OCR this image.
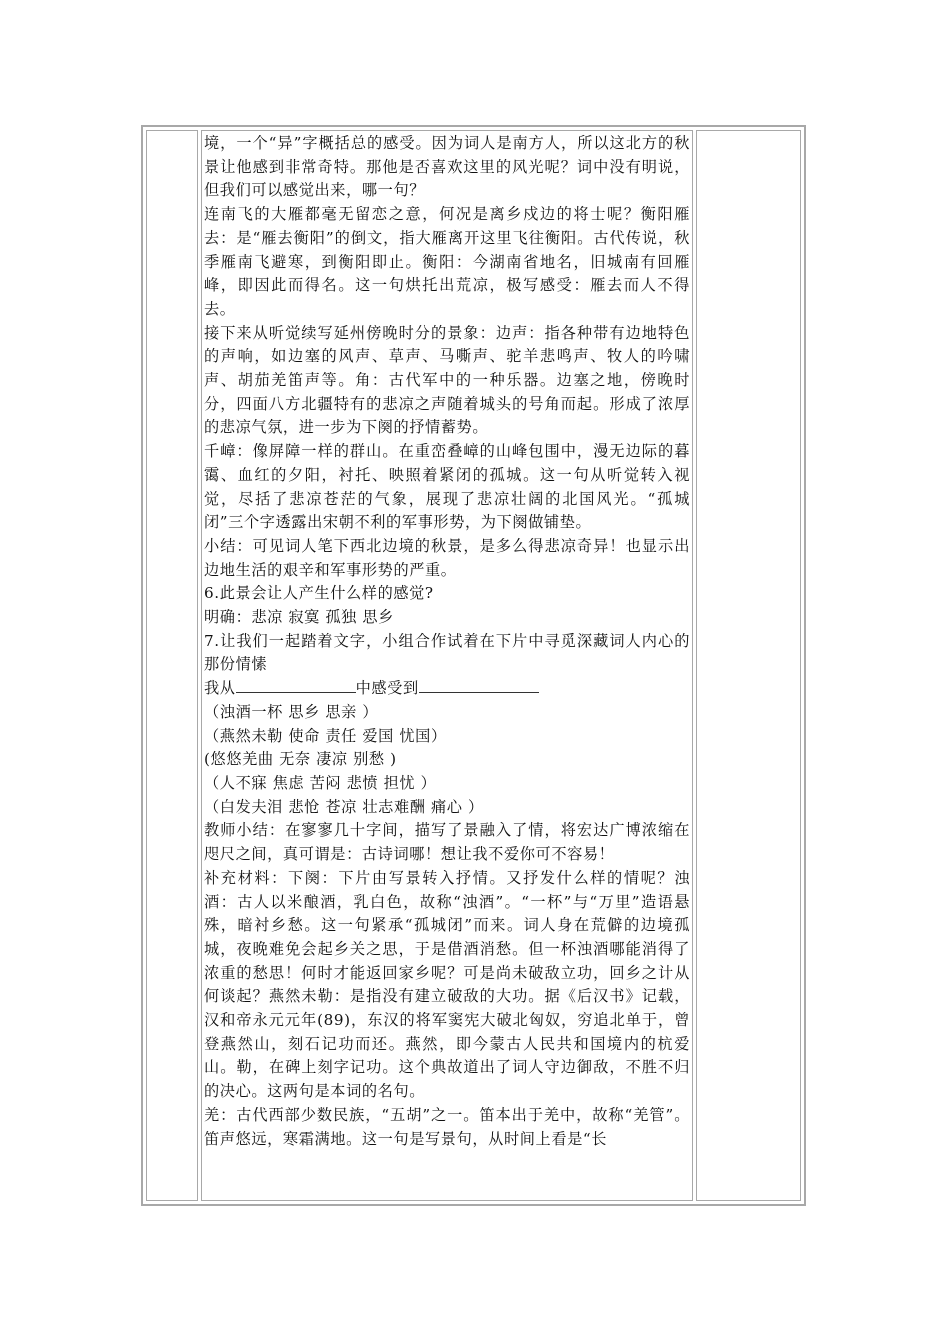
境，一个“异”字概括总的感受。因为词人是南方人，所以这北方的秋景让他感到非常奇特。那他是否喜欢这里的风光呢？词中没有明说，但我们可以感觉出来，哪一句？

连南飞的大雁都毫无留恋之意，何况是离乡戍边的将士呢？衡阳雁去：是“雁去衡阳”的倒文，指大雁离开这里飞往衡阳。古代传说，秋季雁南飞避寒，到衡阳即止。衡阳：今湖南省地名，旧城南有回雁峰，即因此而得名。这一句烘托出荒凉，极写感受：雁去而人不得去。

接下来从听觉续写延州傍晚时分的景象：边声：指各种带有边地特色的声响，如边塞的风声、草声、马嘶声、驼羊悲鸣声、牧人的吟啸声、胡茄羌笛声等。角：古代军中的一种乐器。边塞之地，傍晚时分，四面八方北疆特有的悲凉之声随着城头的号角而起。形成了浓厚的悲凉气氛，进一步为下阕的抒情蓄势。

千嶂：像屏障一样的群山。在重峦叠嶂的山峰包围中，漫无边际的暮霭、血红的夕阳，衬托、映照着紧闭的孤城。这一句从听觉转入视觉，尽括了悲凉苍茫的气象，展现了悲凉壮阔的北国风光。“孤城闭”三个字透露出宋朝不利的军事形势，为下阕做铺垫。

小结：可见词人笔下西北边境的秋景，是多么得悲凉奇异！也显示出边地生活的艰辛和军事形势的严重。

6.此景会让人产生什么样的感觉?

明确：悲凉 寂寞 孤独 思乡

7.让我们一起踏着文字，小组合作试着在下片中寻觅深藏词人内心的那份情愫

我从	中感受到

（浊酒一杯 思乡 思亲 ）

（燕然未勒 使命 责任 爱国 忧国）

(悠悠羌曲 无奈 凄凉 别愁 )

（人不寐 焦虑 苦闷 悲愤 担忧 ）

（白发夫泪 悲怆 苍凉 壮志难酬 痛心 ）

教师小结：在寥寥几十字间，描写了景融入了情，将宏达广博浓缩在咫尺之间，真可谓是：古诗词哪！想让我不爱你可不容易！

补充材料：下阕：下片由写景转入抒情。又抒发什么样的情呢？浊酒：古人以米酿酒，乳白色，故称“浊酒”。“一杯”与“万里”造语悬殊，暗衬乡愁。这一句紧承“孤城闭”而来。词人身在荒僻的边境孤城，夜晚难免会起乡关之思，于是借酒消愁。但一杯浊酒哪能消得了浓重的愁思！何时才能返回家乡呢？可是尚未破敌立功，回乡之计从何谈起？燕然未勒：是指没有建立破敌的大功。据《后汉书》记载，汉和帝永元元年(89)，东汉的将军窦宪大破北匈奴，穷追北单于，曾登燕然山，刻石记功而还。燕然，即今蒙古人民共和国境内的杭爱山。勒，在碑上刻字记功。这个典故道出了词人守边御敌，不胜不归的决心。这两句是本词的名句。

羌：古代西部少数民族，“五胡”之一。笛本出于羌中，故称“羌管”。笛声悠远，寒霜满地。这一句是写景句，从时间上看是“长
